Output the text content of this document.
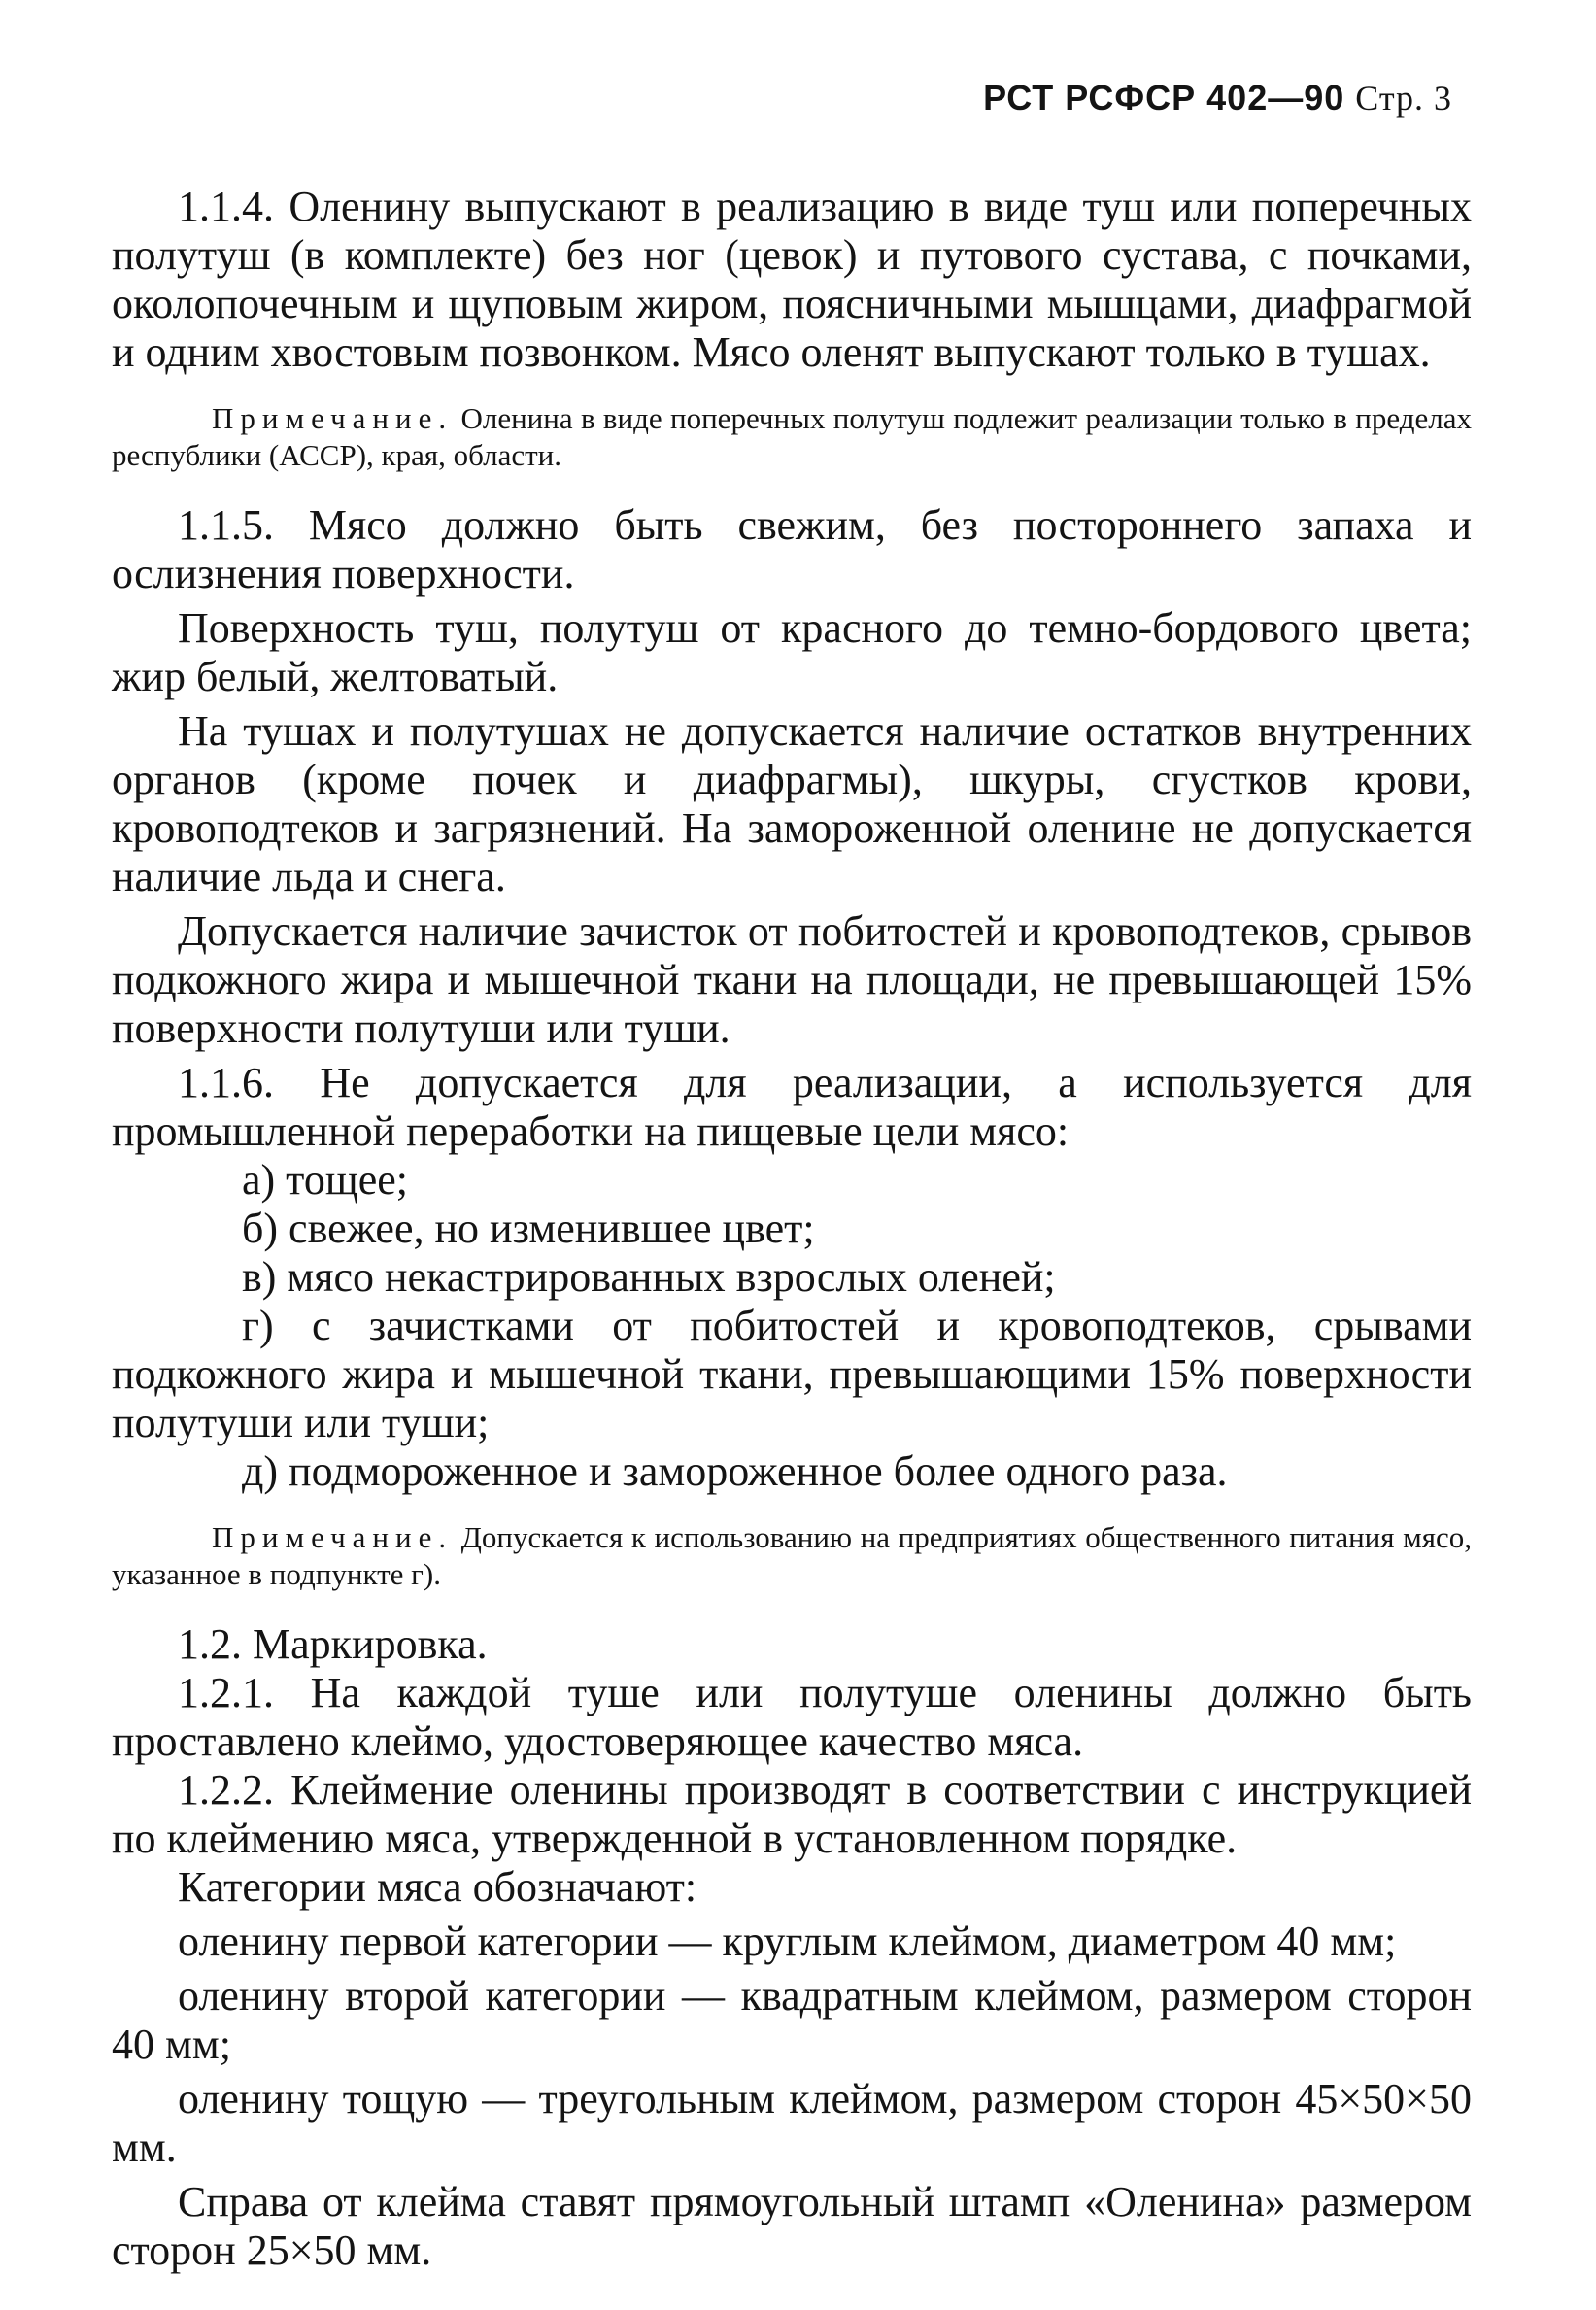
РСТ РСФСР 402—90 Стр. 3

1.1.4. Оленину выпускают в реализацию в виде туш или поперечных полутуш (в комплекте) без ног (цевок) и путового сустава, с почками, околопочечным и щуповым жиром, поясничными мышцами, диафрагмой и одним хвостовым позвонком. Мясо оленят выпускают только в тушах.

Примечание. Оленина в виде поперечных полутуш подлежит реализации только в пределах республики (АССР), края, области.

1.1.5. Мясо должно быть свежим, без постороннего запаха и ослизнения поверхности.

Поверхность туш, полутуш от красного до темно-бордового цвета; жир белый, желтоватый.

На тушах и полутушах не допускается наличие остатков внутренних органов (кроме почек и диафрагмы), шкуры, сгустков крови, кровоподтеков и загрязнений. На замороженной оленине не допускается наличие льда и снега.

Допускается наличие зачисток от побитостей и кровоподтеков, срывов подкожного жира и мышечной ткани на площади, не превышающей 15% поверхности полутуши или туши.

1.1.6. Не допускается для реализации, а используется для промышленной переработки на пищевые цели мясо:

а) тощее;
б) свежее, но изменившее цвет;
в) мясо некастрированных взрослых оленей;
г) с зачистками от побитостей и кровоподтеков, срывами подкожного жира и мышечной ткани, превышающими 15% поверхности полутуши или туши;
д) подмороженное и замороженное более одного раза.
Примечание. Допускается к использованию на предприятиях общественного питания мясо, указанное в подпункте г).

1.2. Маркировка.

1.2.1. На каждой туше или полутуше оленины должно быть проставлено клеймо, удостоверяющее качество мяса.

1.2.2. Клеймение оленины производят в соответствии с инструкцией по клеймению мяса, утвержденной в установленном порядке.

Категории мяса обозначают:

оленину первой категории — круглым клеймом, диаметром 40 мм;

оленину второй категории — квадратным клеймом, размером сторон 40 мм;

оленину тощую — треугольным клеймом, размером сторон 45×50×50 мм.

Справа от клейма ставят прямоугольный штамп «Оленина» размером сторон 25×50 мм.
